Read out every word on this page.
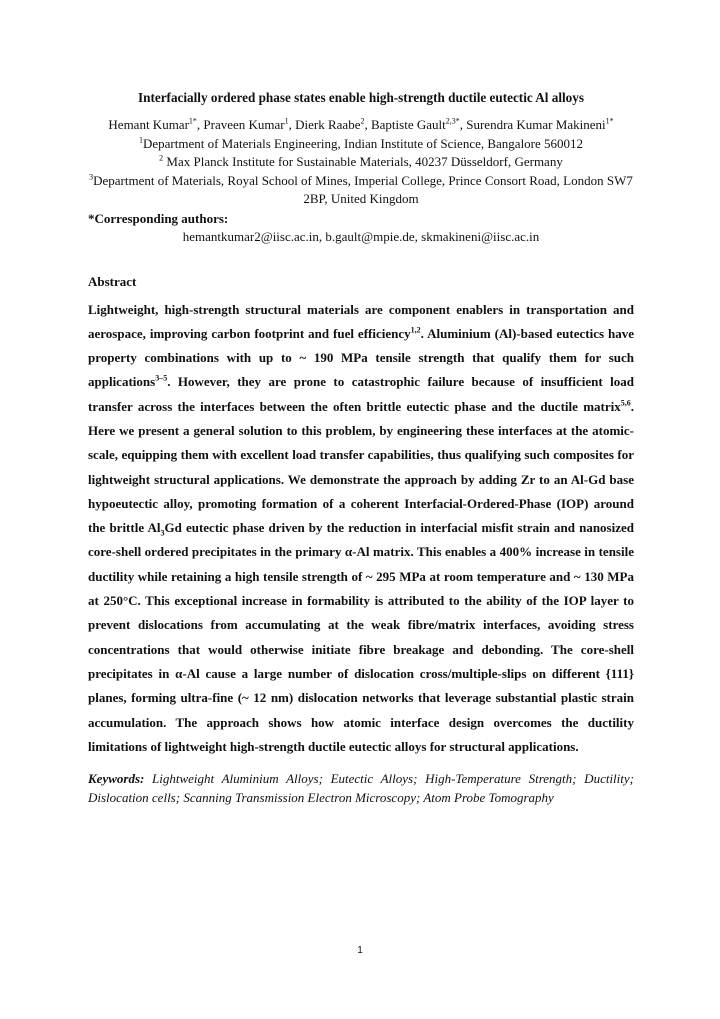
Interfacially ordered phase states enable high-strength ductile eutectic Al alloys
Hemant Kumar$^{1*}$, Praveen Kumar$^1$, Dierk Raabe$^2$, Baptiste Gault$^{2,3*}$, Surendra Kumar Makineni$^{1*}$
$^1$Department of Materials Engineering, Indian Institute of Science, Bangalore 560012
$^2$ Max Planck Institute for Sustainable Materials, 40237 Düsseldorf, Germany
$^3$Department of Materials, Royal School of Mines, Imperial College, Prince Consort Road, London SW7 2BP, United Kingdom
*Corresponding authors:
hemantkumar2@iisc.ac.in, b.gault@mpie.de, skmakineni@iisc.ac.in
Abstract

Lightweight, high-strength structural materials are component enablers in transportation and aerospace, improving carbon footprint and fuel efficiency$^{1,2}$. Aluminium (Al)-based eutectics have property combinations with up to ~ 190 MPa tensile strength that qualify them for such applications$^{3-5}$. However, they are prone to catastrophic failure because of insufficient load transfer across the interfaces between the often brittle eutectic phase and the ductile matrix$^{5,6}$. Here we present a general solution to this problem, by engineering these interfaces at the atomic-scale, equipping them with excellent load transfer capabilities, thus qualifying such composites for lightweight structural applications. We demonstrate the approach by adding Zr to an Al-Gd base hypoeutectic alloy, promoting formation of a coherent Interfacial-Ordered-Phase (IOP) around the brittle $Al_3Gd$ eutectic phase driven by the reduction in interfacial misfit strain and nanosized core-shell ordered precipitates in the primary α-Al matrix. This enables a 400% increase in tensile ductility while retaining a high tensile strength of ~ 295 MPa at room temperature and ~ 130 MPa at 250°C. This exceptional increase in formability is attributed to the ability of the IOP layer to prevent dislocations from accumulating at the weak fibre/matrix interfaces, avoiding stress concentrations that would otherwise initiate fibre breakage and debonding. The core-shell precipitates in α-Al cause a large number of dislocation cross/multiple-slips on different {111} planes, forming ultra-fine (~ 12 nm) dislocation networks that leverage substantial plastic strain accumulation. The approach shows how atomic interface design overcomes the ductility limitations of lightweight high-strength ductile eutectic alloys for structural applications.

Keywords: Lightweight Aluminium Alloys; Eutectic Alloys; High-Temperature Strength; Ductility; Dislocation cells; Scanning Transmission Electron Microscopy; Atom Probe Tomography
1
